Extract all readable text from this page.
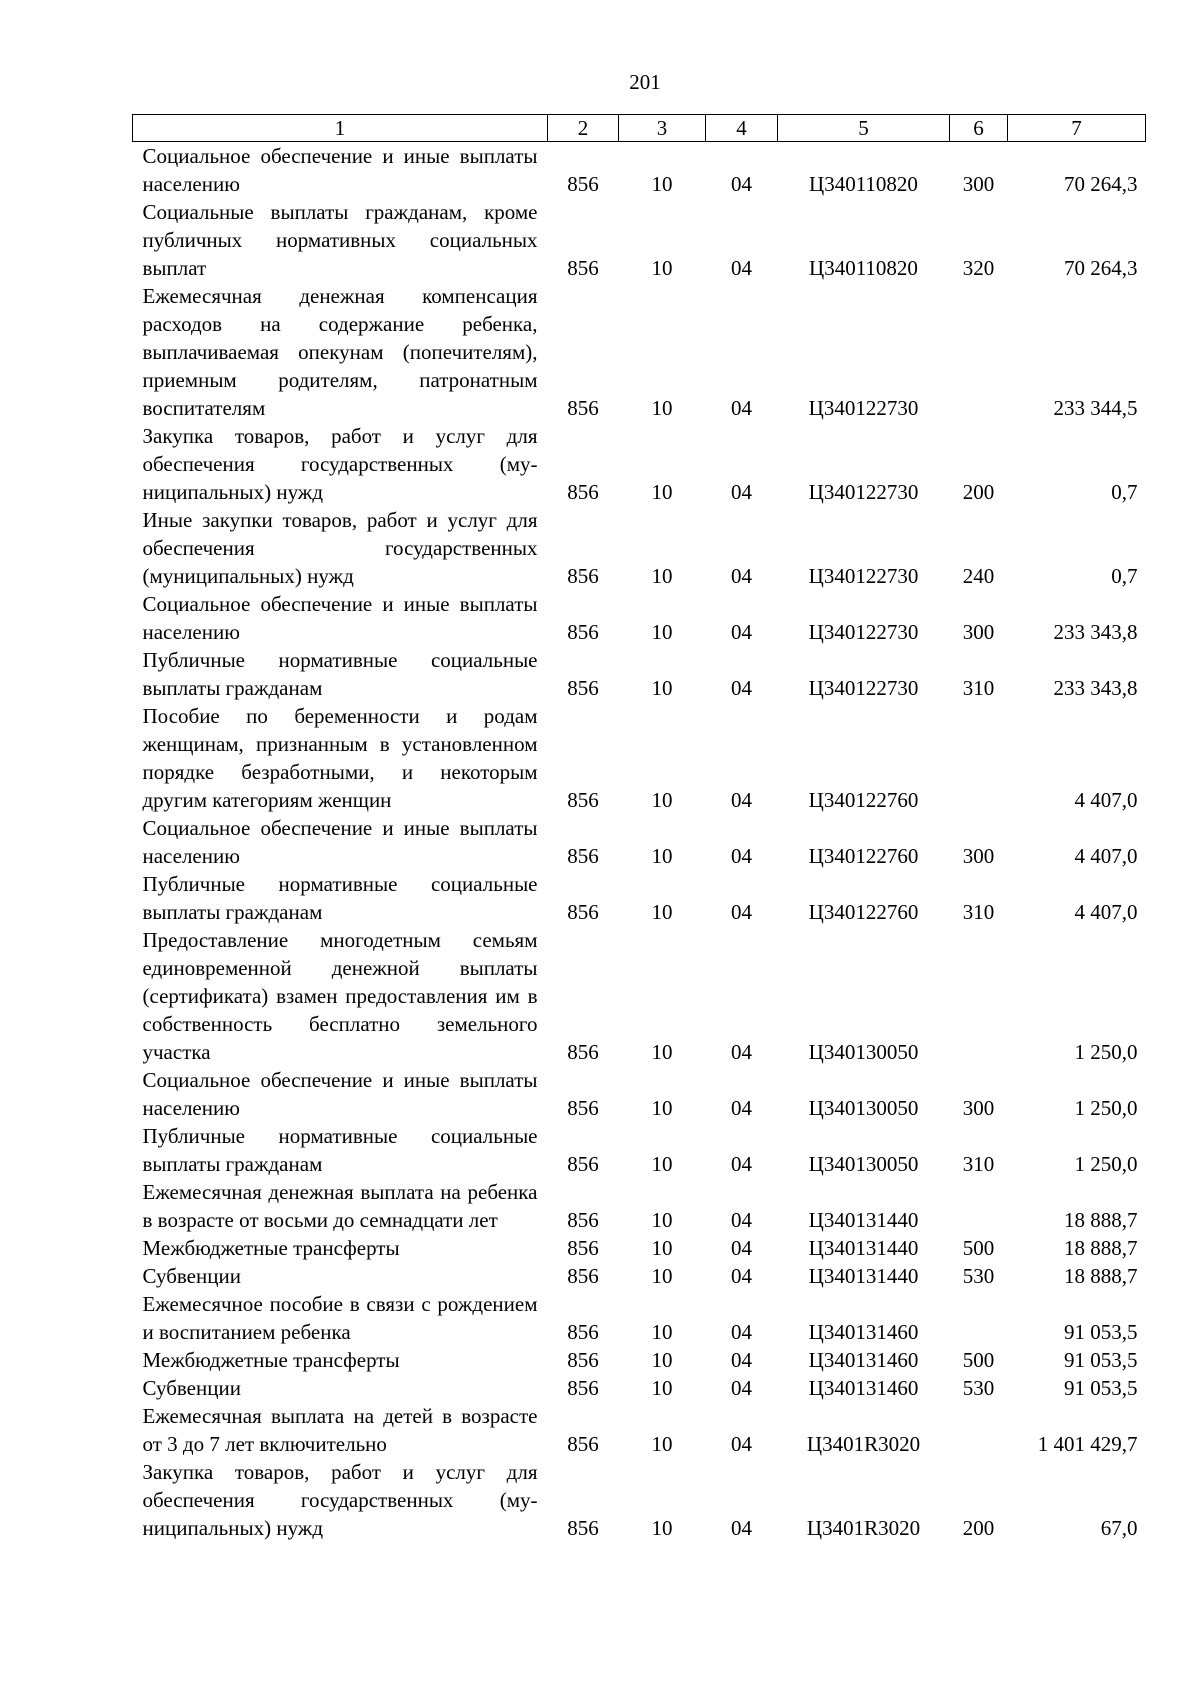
201
1	2	3	4	5	6	7
Социальное обеспечение и иные выплаты населению	856	10	04	Ц340110820	300	70 264,3
Социальные выплаты гражданам, кроме публичных нормативных социальных выплат	856	10	04	Ц340110820	320	70 264,3
Ежемесячная денежная компенсация расходов на содержание ребенка, выплачиваемая опекунам (попечителям), приемным родителям, патронатным воспитателям	856	10	04	Ц340122730		233 344,5
Закупка товаров, работ и услуг для обеспечения государственных (муниципальных) нужд	856	10	04	Ц340122730	200	0,7
Иные закупки товаров, работ и услуг для обеспечения государственных (муниципальных) нужд	856	10	04	Ц340122730	240	0,7
Социальное обеспечение и иные выплаты населению	856	10	04	Ц340122730	300	233 343,8
Публичные нормативные социальные выплаты гражданам	856	10	04	Ц340122730	310	233 343,8
Пособие по беременности и родам женщинам, признанным в установленном порядке безработными, и некоторым другим категориям женщин	856	10	04	Ц340122760		4 407,0
Социальное обеспечение и иные выплаты населению	856	10	04	Ц340122760	300	4 407,0
Публичные нормативные социальные выплаты гражданам	856	10	04	Ц340122760	310	4 407,0
Предоставление многодетным семьям единовременной денежной выплаты (сертификата) взамен предоставления им в собственность бесплатно земельного участка	856	10	04	Ц340130050		1 250,0
Социальное обеспечение и иные выплаты населению	856	10	04	Ц340130050	300	1 250,0
Публичные нормативные социальные выплаты гражданам	856	10	04	Ц340130050	310	1 250,0
Ежемесячная денежная выплата на ребенка в возрасте от восьми до семнадцати лет	856	10	04	Ц340131440		18 888,7
Межбюджетные трансферты	856	10	04	Ц340131440	500	18 888,7
Субвенции	856	10	04	Ц340131440	530	18 888,7
Ежемесячное пособие в связи с рождением и воспитанием ребенка	856	10	04	Ц340131460		91 053,5
Межбюджетные трансферты	856	10	04	Ц340131460	500	91 053,5
Субвенции	856	10	04	Ц340131460	530	91 053,5
Ежемесячная выплата на детей в возрасте от 3 до 7 лет включительно	856	10	04	Ц3401R3020		1 401 429,7
Закупка товаров, работ и услуг для обеспечения государственных (муниципальных) нужд	856	10	04	Ц3401R3020	200	67,0
